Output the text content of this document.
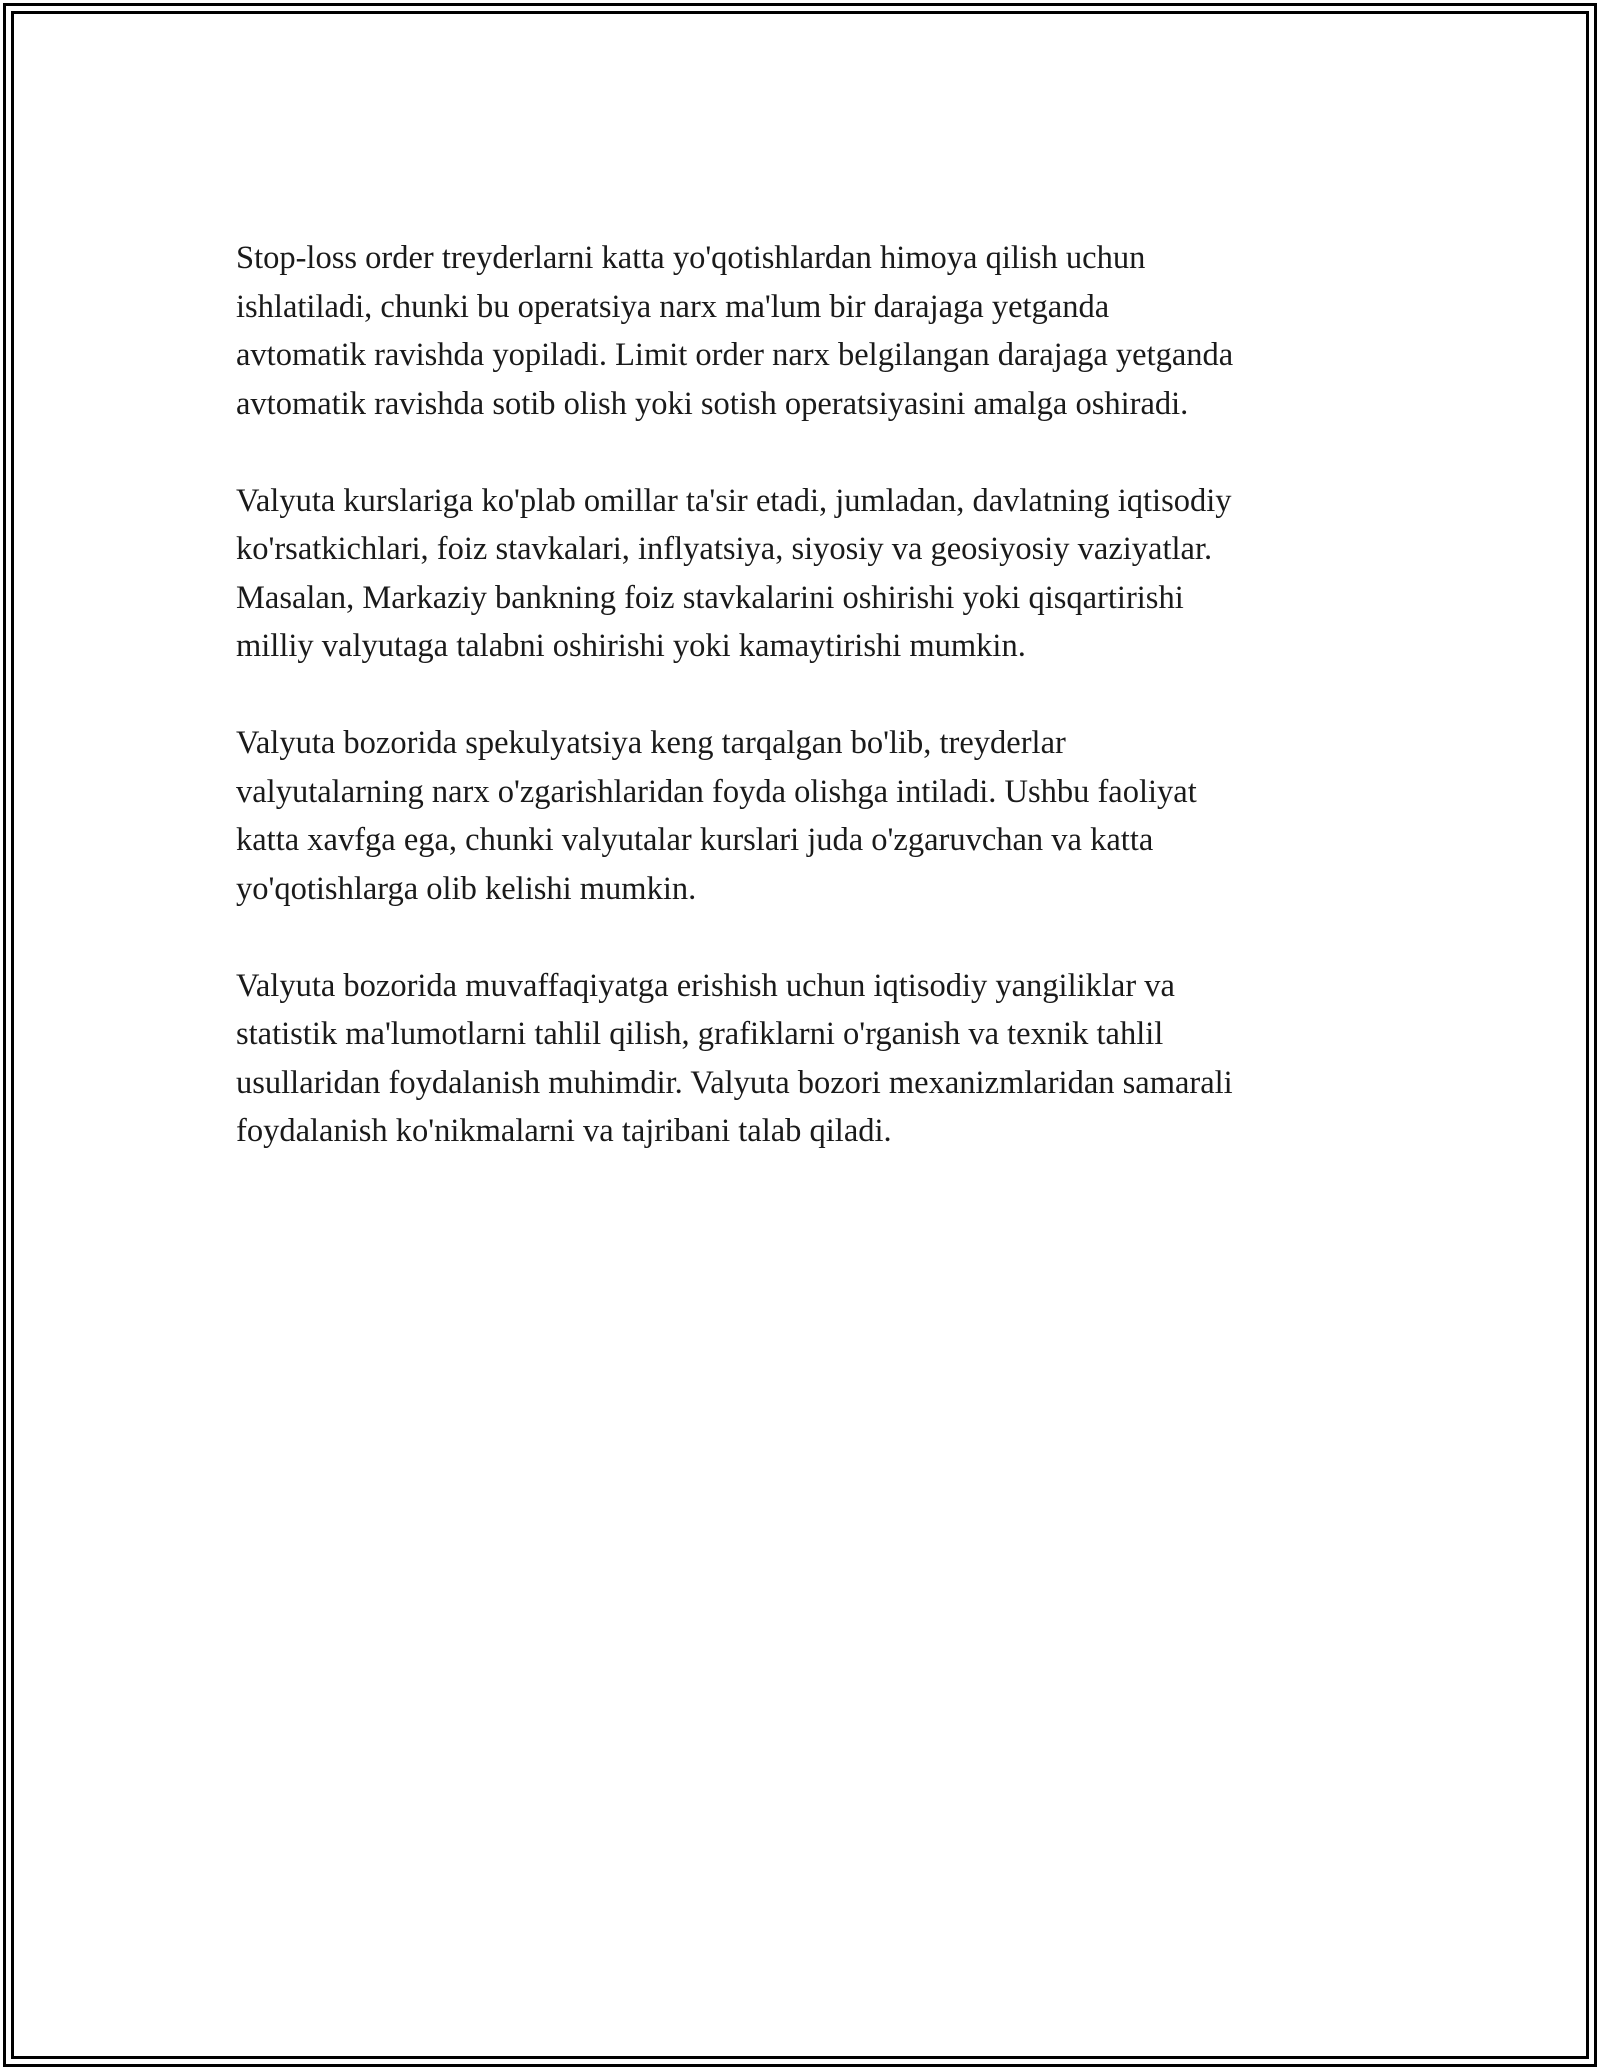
Stop-loss order treyderlarni katta yo'qotishlardan himoya qilish uchun
ishlatiladi, chunki bu operatsiya narx ma'lum bir darajaga yetganda
avtomatik ravishda yopiladi. Limit order narx belgilangan darajaga yetganda
avtomatik ravishda sotib olish yoki sotish operatsiyasini amalga oshiradi.

Valyuta kurslariga ko'plab omillar ta'sir etadi, jumladan, davlatning iqtisodiy
ko'rsatkichlari, foiz stavkalari, inflyatsiya, siyosiy va geosiyosiy vaziyatlar.
Masalan, Markaziy bankning foiz stavkalarini oshirishi yoki qisqartirishi
milliy valyutaga talabni oshirishi yoki kamaytirishi mumkin.

Valyuta bozorida spekulyatsiya keng tarqalgan bo'lib, treyderlar
valyutalarning narx o'zgarishlaridan foyda olishga intiladi. Ushbu faoliyat
katta xavfga ega, chunki valyutalar kurslari juda o'zgaruvchan va katta
yo'qotishlarga olib kelishi mumkin.

Valyuta bozorida muvaffaqiyatga erishish uchun iqtisodiy yangiliklar va
statistik ma'lumotlarni tahlil qilish, grafiklarni o'rganish va texnik tahlil
usullaridan foydalanish muhimdir. Valyuta bozori mexanizmlaridan samarali
foydalanish ko'nikmalarni va tajribani talab qiladi.
